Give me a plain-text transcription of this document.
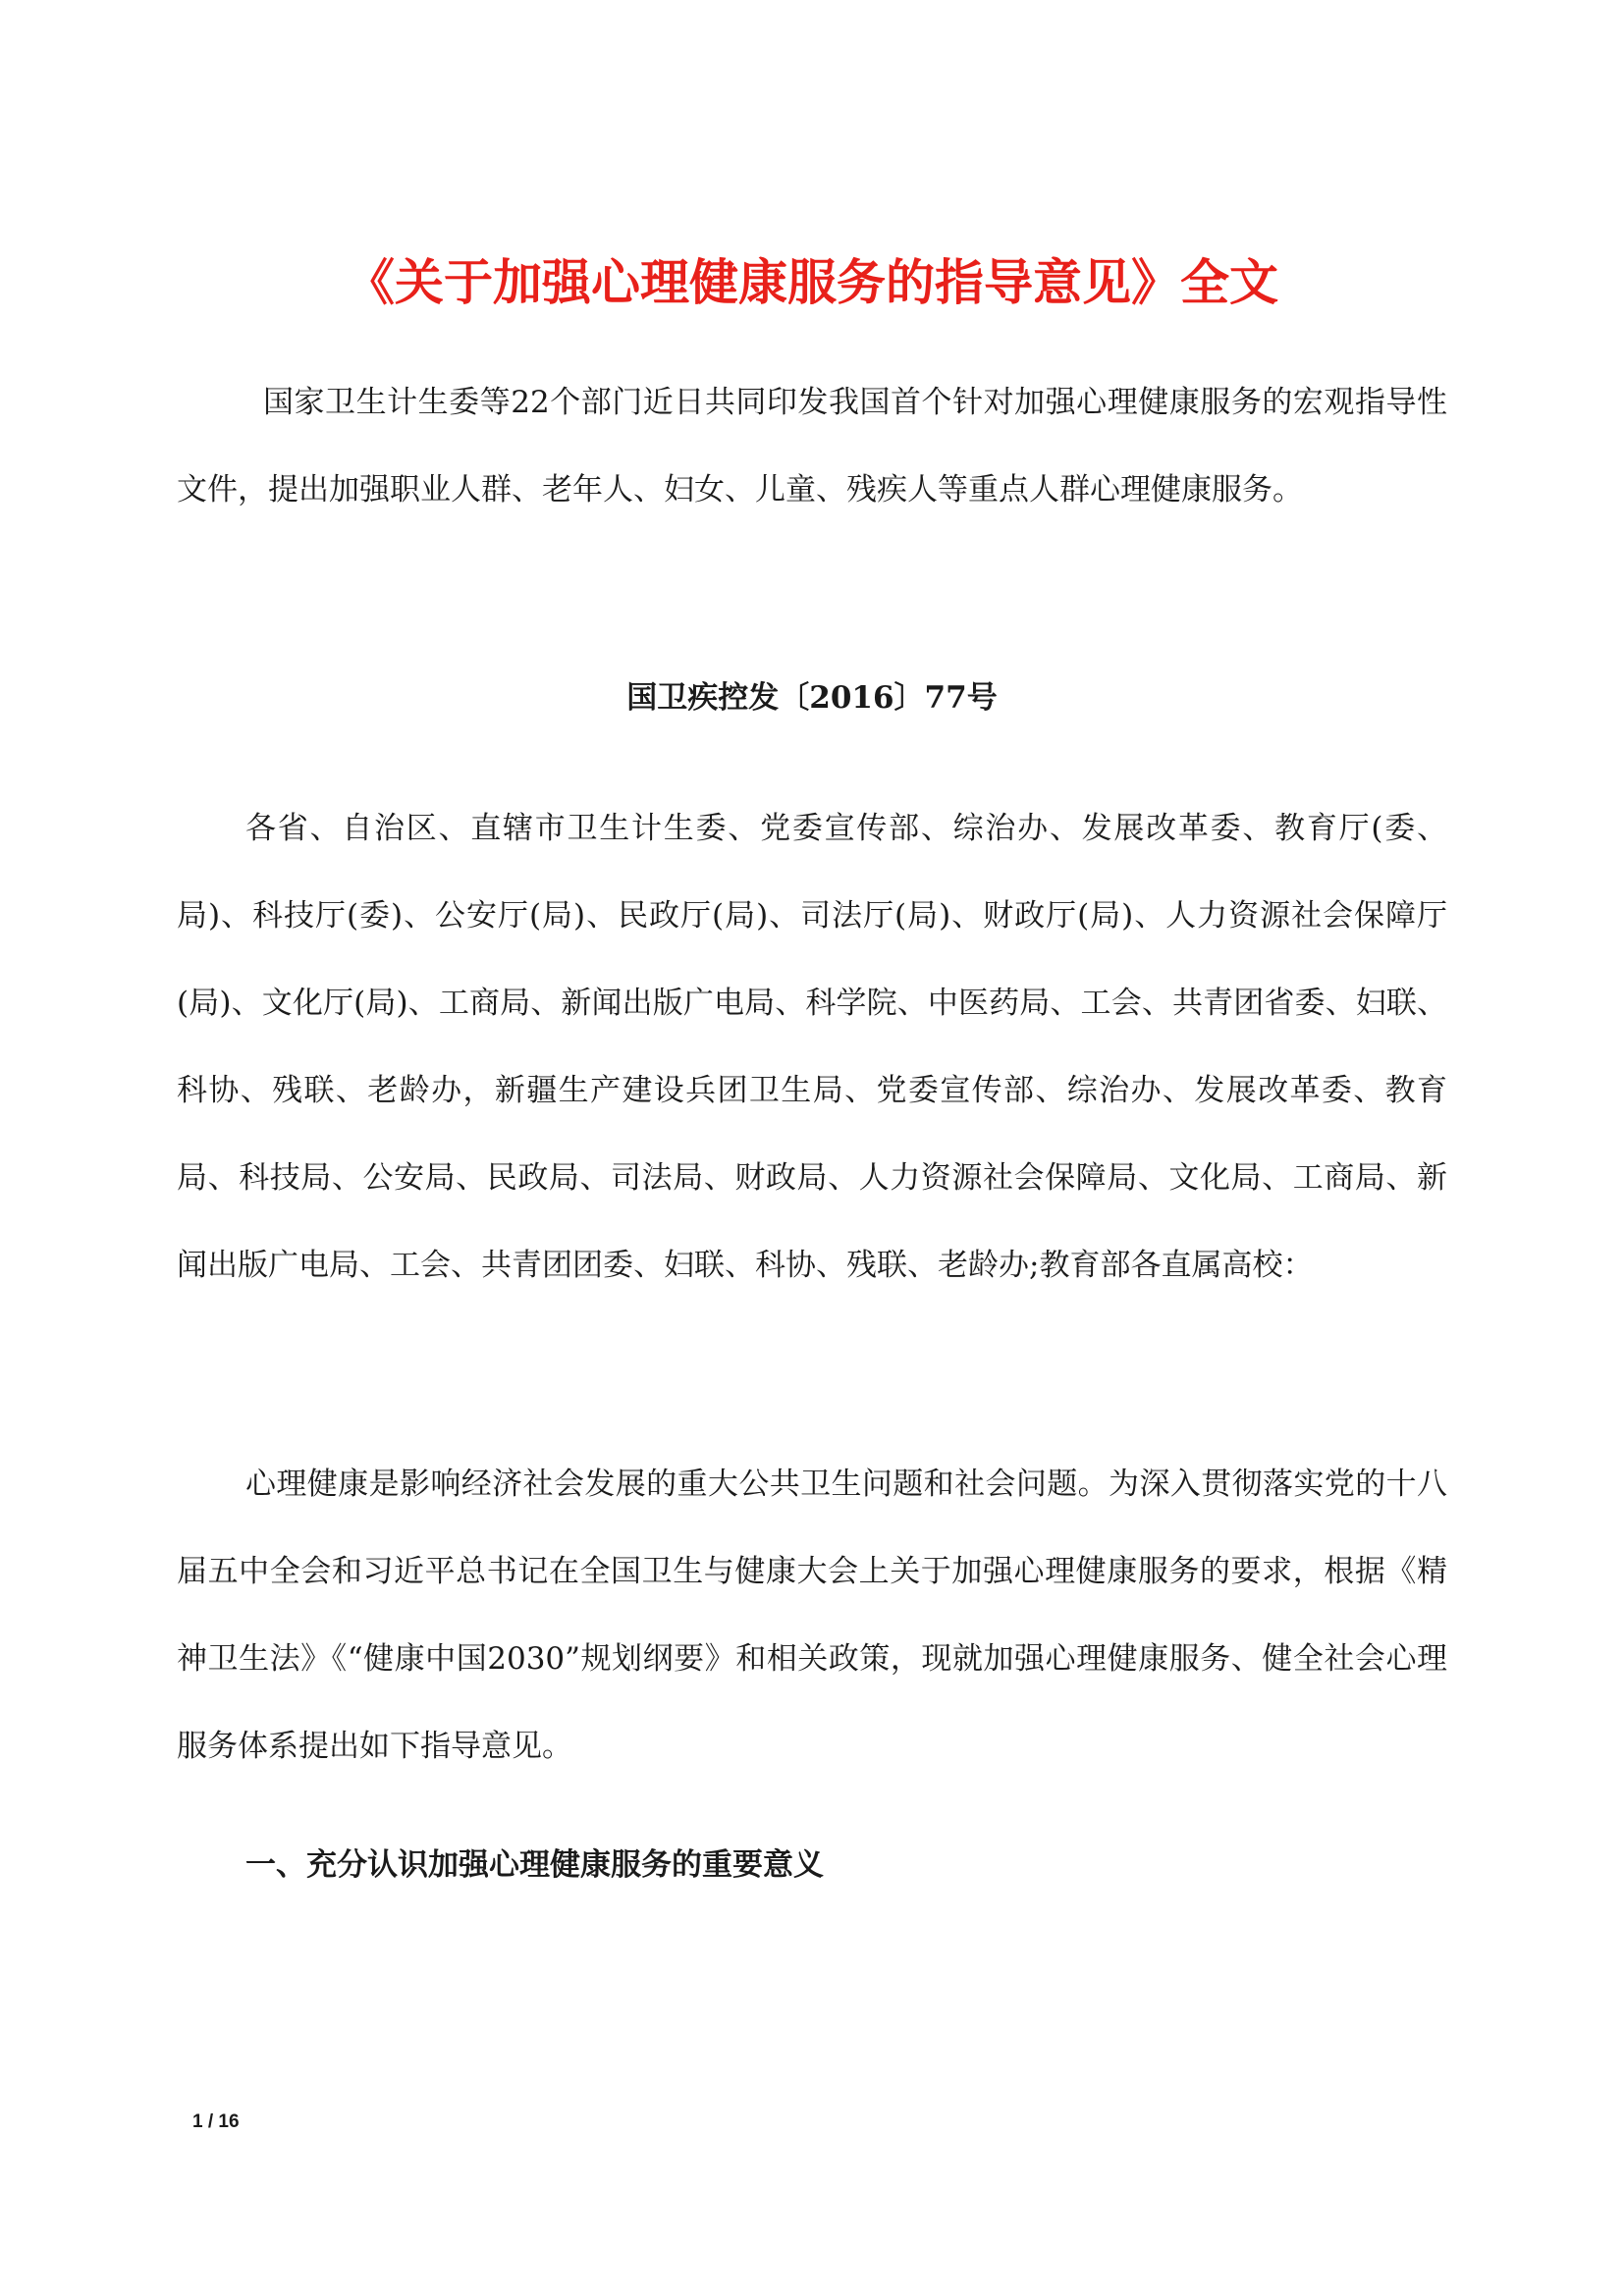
《关于加强心理健康服务的指导意见》全文

国家卫生计生委等22个部门近日共同印发我国首个针对加强心理健康服务的宏观指导性文件，提出加强职业人群、老年人、妇女、儿童、残疾人等重点人群心理健康服务。

国卫疾控发〔2016〕77号

各省、自治区、直辖市卫生计生委、党委宣传部、综治办、发展改革委、教育厅(委、局)、科技厅(委)、公安厅(局)、民政厅(局)、司法厅(局)、财政厅(局)、人力资源社会保障厅(局)、文化厅(局)、工商局、新闻出版广电局、科学院、中医药局、工会、共青团省委、妇联、科协、残联、老龄办，新疆生产建设兵团卫生局、党委宣传部、综治办、发展改革委、教育局、科技局、公安局、民政局、司法局、财政局、人力资源社会保障局、文化局、工商局、新闻出版广电局、工会、共青团团委、妇联、科协、残联、老龄办;教育部各直属高校：

心理健康是影响经济社会发展的重大公共卫生问题和社会问题。为深入贯彻落实党的十八届五中全会和习近平总书记在全国卫生与健康大会上关于加强心理健康服务的要求，根据《精神卫生法》《“健康中国2030”规划纲要》和相关政策，现就加强心理健康服务、健全社会心理服务体系提出如下指导意见。

一、充分认识加强心理健康服务的重要意义
1 / 16
